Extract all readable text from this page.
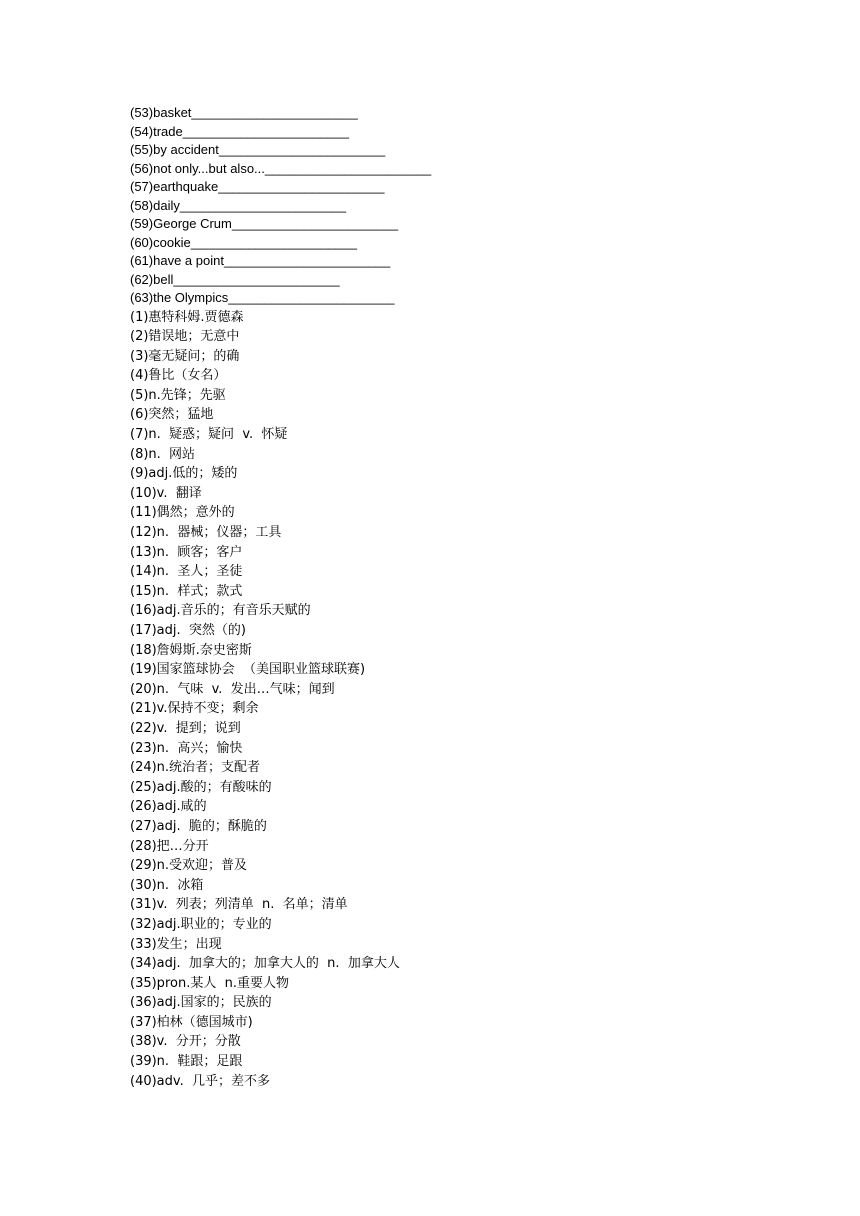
(53)basket_______________________
(54)trade_______________________
(55)by accident_______________________
(56)not only...but also..._______________________
(57)earthquake_______________________
(58)daily_______________________
(59)George Crum_______________________
(60)cookie_______________________
(61)have a point_______________________
(62)bell_______________________
(63)the Olympics_______________________
(1)惠特科姆.贾德森
(2)错误地；无意中
(3)毫无疑问；的确
(4)鲁比（女名）
(5)n.先锋；先驱
(6)突然；猛地
(7)n.  疑惑；疑问  v.  怀疑
(8)n.  网站
(9)adj.低的；矮的
(10)v.  翻译
(11)偶然；意外的
(12)n.  器械；仪器；工具
(13)n.  顾客；客户
(14)n.  圣人；圣徒
(15)n.  样式；款式
(16)adj.音乐的；有音乐天赋的
(17)adj.  突然（的)
(18)詹姆斯.奈史密斯
(19)国家篮球协会  （美国职业篮球联赛)
(20)n.  气味  v.  发出…气味；闻到
(21)v.保持不变；剩余
(22)v.  提到；说到
(23)n.  高兴；愉快
(24)n.统治者；支配者
(25)adj.酸的；有酸味的
(26)adj.咸的
(27)adj.  脆的；酥脆的
(28)把…分开
(29)n.受欢迎；普及
(30)n.  冰箱
(31)v.  列表；列清单  n.  名单；清单
(32)adj.职业的；专业的
(33)发生；出现
(34)adj.  加拿大的；加拿大人的  n.  加拿大人
(35)pron.某人  n.重要人物
(36)adj.国家的；民族的
(37)柏林（德国城市)
(38)v.  分开；分散
(39)n.  鞋跟；足跟
(40)adv.  几乎；差不多
